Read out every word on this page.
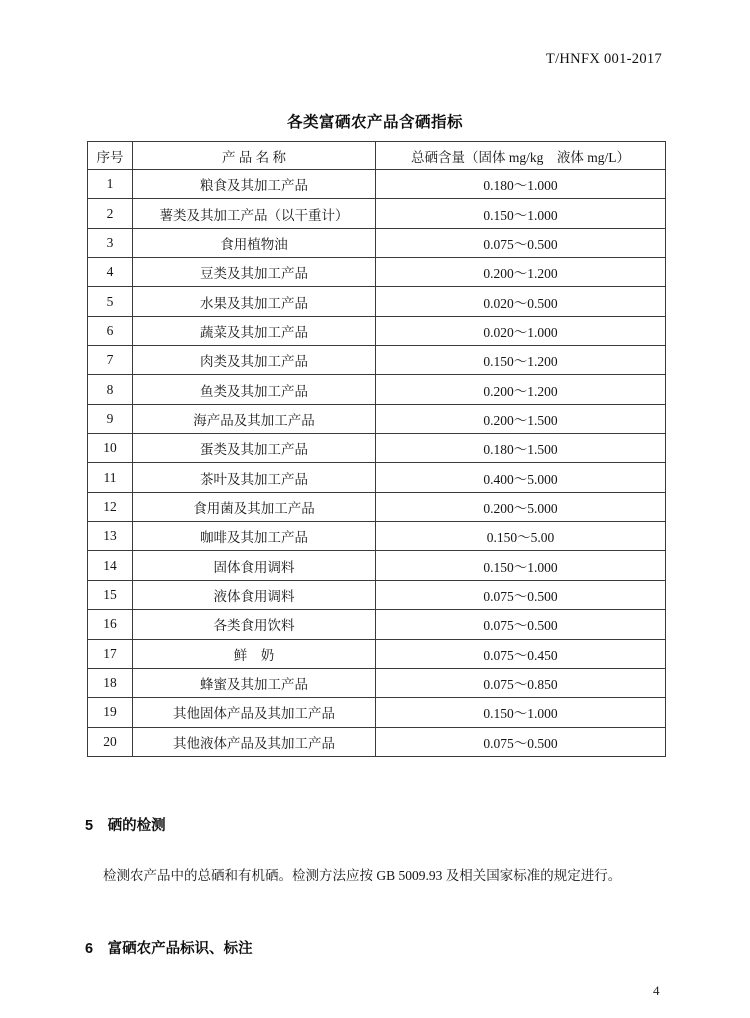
T/HNFX 001-2017
各类富硒农产品含硒指标
序号	产 品 名 称	总硒含量（固体 mg/kg　液体 mg/L）
1	粮食及其加工产品	0.180～1.000
2	薯类及其加工产品（以干重计）	0.150～1.000
3	食用植物油	0.075～0.500
4	豆类及其加工产品	0.200～1.200
5	水果及其加工产品	0.020～0.500
6	蔬菜及其加工产品	0.020～1.000
7	肉类及其加工产品	0.150～1.200
8	鱼类及其加工产品	0.200～1.200
9	海产品及其加工产品	0.200～1.500
10	蛋类及其加工产品	0.180～1.500
11	茶叶及其加工产品	0.400～5.000
12	食用菌及其加工产品	0.200～5.000
13	咖啡及其加工产品	0.150～5.00
14	固体食用调料	0.150～1.000
15	液体食用调料	0.075～0.500
16	各类食用饮料	0.075～0.500
17	鲜　奶	0.075～0.450
18	蜂蜜及其加工产品	0.075～0.850
19	其他固体产品及其加工产品	0.150～1.000
20	其他液体产品及其加工产品	0.075～0.500
5　硒的检测
检测农产品中的总硒和有机硒。检测方法应按 GB 5009.93 及相关国家标准的规定进行。
6　富硒农产品标识、标注
4
